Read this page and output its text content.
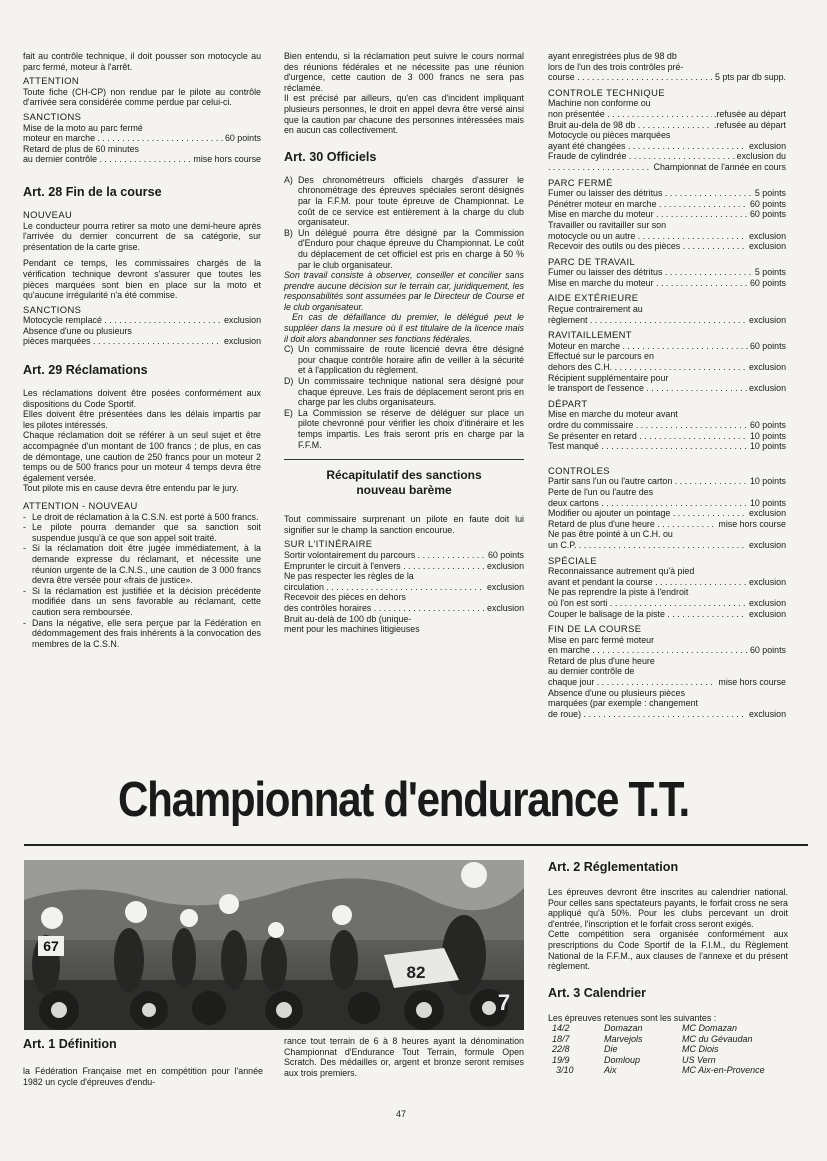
fait au contrôle technique, il doit pousser son motocycle au parc fermé, moteur à l'arrêt.

ATTENTION

Toute fiche (CH-CP) non rendue par le pilote au contrôle d'arrivée sera considérée comme perdue par celui-ci.

SANCTIONS

Mise de la moto au parc fermé

moteur en marche . . .	60 points

Retard de plus de 60 minutes

au dernier contrôle . . .	mise hors course
Art. 28 Fin de la course

NOUVEAU

Le conducteur pourra retirer sa moto une demi-heure après l'arrivée du dernier concurrent de sa catégorie, sur présentation de la carte grise.

Pendant ce temps, les commissaires chargés de la vérification technique devront s'assurer que toutes les pièces marquées sont bien en place sur la moto et qu'aucune irrégularité n'a été commise.

SANCTIONS

Motocycle remplacé . . .	exclusion

Absence d'une ou plusieurs

pièces marquées . . .	exclusion
Art. 29 Réclamations

Les réclamations doivent être posées conformément aux dispositions du Code Sportif.

Elles doivent être présentées dans les délais impartis par les pilotes intéressés.

Chaque réclamation doit se référer à un seul sujet et être accompagnée d'un montant de 100 francs ; de plus, en cas de démontage, une caution de 250 francs pour un moteur 2 temps ou de 500 francs pour un moteur 4 temps devra être également versée.

Tout pilote mis en cause devra être entendu par le jury.

ATTENTION - NOUVEAU

- Le droit de réclamation à la C.S.N. est porté à 500 francs.
- Le pilote pourra demander que sa sanction soit suspendue jusqu'à ce que son appel soit traité.
- Si la réclamation doit être jugée immédiatement, à la demande expresse du réclamant, et nécessite une réunion urgente de la C.N.S., une caution de 3 000 francs devra être versée pour «frais de justice».
- Si la réclamation est justifiée et la décision précédente modifiée dans un sens favorable au réclamant, cette caution sera remboursée.
- Dans la négative, elle sera perçue par la Fédération en dédommagement des frais inhérents à la convocation des membres de la C.S.N.

Bien entendu, si la réclamation peut suivre le cours normal des réunions fédérales et ne nécessite pas une réunion d'urgence, cette caution de 3 000 francs ne sera pas réclamée.

Il est précisé par ailleurs, qu'en cas d'incident impliquant plusieurs personnes, le droit en appel devra être versé ainsi que la caution par chacune des personnes intéressées mais en aucun cas collectivement.

Art. 30 Officiels
A) Des chronométreurs officiels chargés d'assurer le chronométrage des épreuves spéciales seront désignés par la F.F.M. pour toute épreuve de Championnat. Le coût de ce service est entièrement à la charge du club organisateur.
B) Un délégué pourra être désigné par la Commission d'Enduro pour chaque épreuve du Championnat. Le coût du déplacement de cet officiel est pris en charge à 50 % par le club organisateur.

Son travail consiste à observer, conseiller et concilier sans prendre aucune décision sur le terrain car, juridiquement, les responsabilités sont assumées par le Directeur de Course et le club organisateur.

En cas de défaillance du premier, le délégué peut le suppléer dans la mesure où il est titulaire de la licence mais il doit alors abandonner ses fonctions fédérales.

C) Un commissaire de route licencié devra être désigné pour chaque contrôle horaire afin de veiller à la sécurité et à l'application du règlement.
D) Un commissaire technique national sera désigné pour chaque épreuve. Les frais de déplacement seront pris en charge par les clubs organisateurs.
E) La Commission se réserve de déléguer sur place un pilote chevronné pour vérifier les choix d'itinéraire et les temps impartis. Les frais seront pris en charge par la F.F.M.

Récapitulatif des sanctions

nouveau barème

Tout commissaire surprenant un pilote en faute doit lui signifier sur le champ la sanction encourue.

SUR L'ITINÉRAIRE

Sortir volontairement du parcours . . .	60 points
Emprunter le circuit à l'envers . . .	exclusion

Ne pas respecter les règles de la

circulation . . .	exclusion

Recevoir des pièces en dehors

des contrôles horaires . . .	exclusion

Bruit au-delà de 100 db (unique-

ment pour les machines litigieuses

ayant enregistrées plus de 98 db

lors de l'un des trois contrôles pré-

course . . .	5 pts par db supp.

CONTROLE TECHNIQUE

Machine non conforme ou

non présentée . . .	.refusée au départ
Bruit au-dela de 98 db . . .	.refusée au départ

Motocycle ou pièces marquées

ayant été changées . . .	exclusion
Fraude de cylindrée . . .	exclusion du
. . .
Championnat de l'année en cours

PARC FERMÉ

Fumer ou laisser des détritus . . .	5 points
Pénétrer moteur en marche . . .	60 points
Mise en marche du moteur . . .	60 points

Travailler ou ravitailler sur son

motocycle ou un autre . . .	exclusion
Recevoir des outils ou des pièces . . .	exclusion

PARC DE TRAVAIL

Fumer ou laisser des détritus . . .	5 points
Mise en marche du moteur . . .	60 points

AIDE EXTÉRIEURE

Reçue contrairement au

règlement . . .	exclusion

RAVITAILLEMENT

Moteur en marche . . .	60 points

Effectué sur le parcours en

dehors des C.H. . . .	exclusion

Récipient supplémentaire pour

le transport de l'essence . . .	exclusion

DÉPART

Mise en marche du moteur avant

ordre du commissaire . . .	60 points
Se présenter en retard . . .	10 points
Test manqué . . .	10 points

CONTROLES

Partir sans l'un ou l'autre carton . . .	10 points

Perte de l'un ou l'autre des

deux cartons . . .	10 points
Modifier ou ajouter un pointage . . .	exclusion
Retard de plus d'une heure . . .	mise hors course

Ne pas être pointé à un C.H. ou

un C.P. . . .	exclusion

SPÉCIALE

Reconnaissance autrement qu'à pied

avant et pendant la course . . .	exclusion

Ne pas reprendre la piste à l'endroit

où l'on est sorti . . .	exclusion
Couper le balisage de la piste . . .	exclusion

FIN DE LA COURSE

Mise en parc fermé moteur

en marche . . .	60 points

Retard de plus d'une heure

au dernier contrôle de

chaque jour . . .	mise hors course

Absence d'une ou plusieurs pièces

marquées (par exemple : changement

de roue) . . .	exclusion
Championnat d'endurance T.T.
67
82
7
Art. 1 Définition

la Fédération Française met en compétition pour l'année 1982 un cycle d'épreuves d'endu-

rance tout terrain de 6 à 8 heures ayant la dénomination Championnat d'Endurance Tout Terrain, formule Open Scratch. Des médailles or, argent et bronze seront remises aux trois premiers.

Art. 2 Réglementation

Les épreuves devront être inscrites au calendrier national. Pour celles sans spectateurs payants, le forfait cross ne sera appliqué qu'à 50%. Pour les clubs percevant un droit d'entrée, l'inscription et le forfait cross seront exigés.

Cette compétition sera organisée conformément aux prescriptions du Code Sportif de la F.I.M., du Règlement National de la F.F.M., aux clauses de l'annexe et du présent règlement.

Art. 3 Calendrier

Les épreuves retenues sont les suivantes :

14/2	Domazan	MC Domazan
18/7	Marvejols	MC du Gévaudan
22/8	Die	MC Diois
19/9	Domloup	US Vern
3/10	Aix	MC Aix-en-Provence
47
